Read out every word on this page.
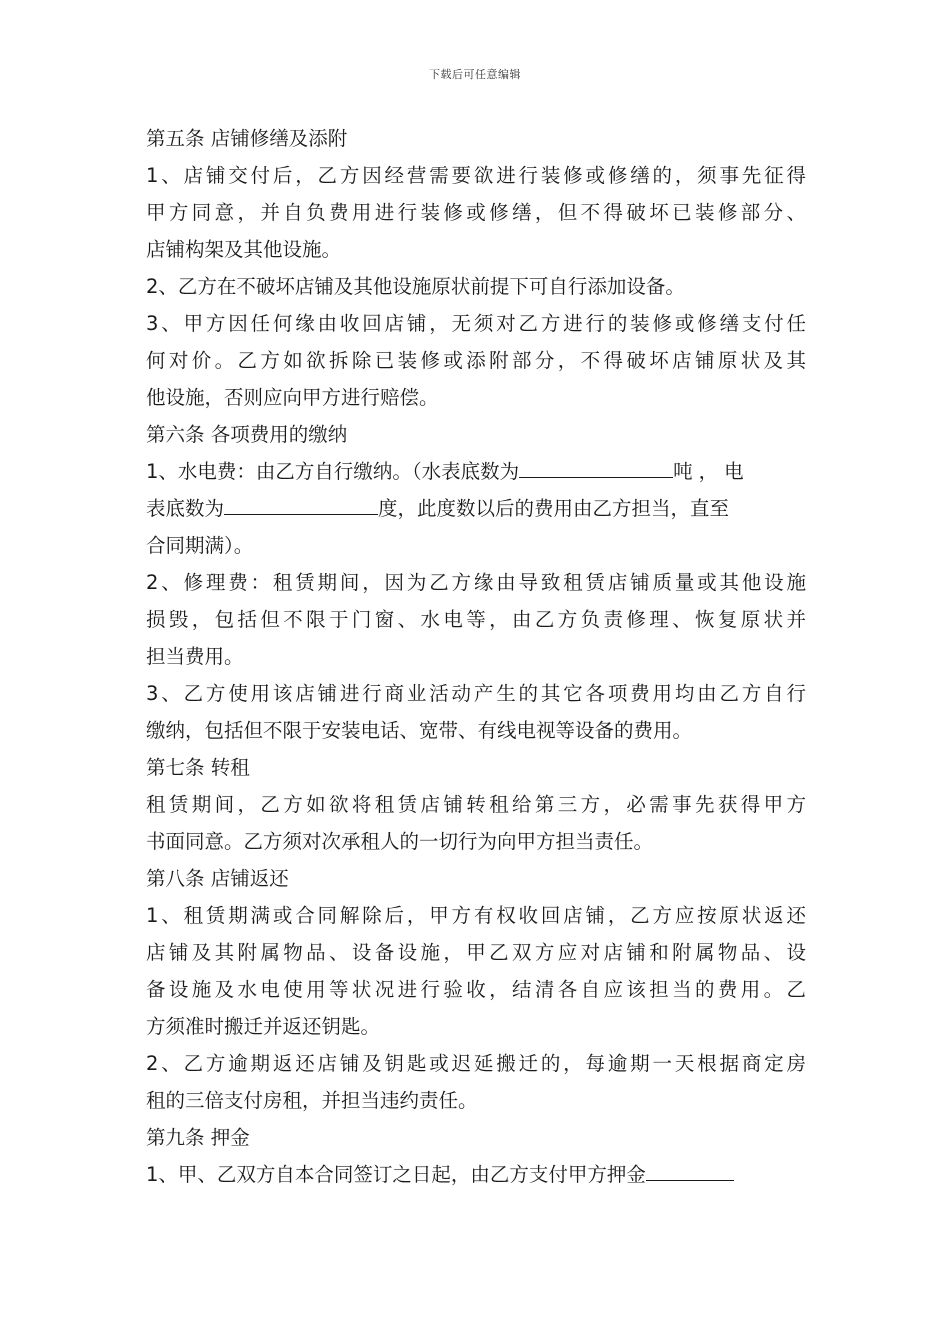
下载后可任意编辑
第五条 店铺修缮及添附
1、店铺交付后，乙方因经营需要欲进行装修或修缮的，须事先征得
甲方同意，并自负费用进行装修或修缮，但不得破坏已装修部分、
店铺构架及其他设施。
2、乙方在不破坏店铺及其他设施原状前提下可自行添加设备。
3、甲方因任何缘由收回店铺，无须对乙方进行的装修或修缮支付任
何对价。乙方如欲拆除已装修或添附部分，不得破坏店铺原状及其
他设施，否则应向甲方进行赔偿。
第六条 各项费用的缴纳
1、水电费：由乙方自行缴纳。（水表底数为	吨，电
表底数为	度，此度数以后的费用由乙方担当，直至
合同期满）。
2、修理费：租赁期间，因为乙方缘由导致租赁店铺质量或其他设施
损毁，包括但不限于门窗、水电等，由乙方负责修理、恢复原状并
担当费用。
3、乙方使用该店铺进行商业活动产生的其它各项费用均由乙方自行
缴纳，包括但不限于安装电话、宽带、有线电视等设备的费用。
第七条 转租
租赁期间，乙方如欲将租赁店铺转租给第三方，必需事先获得甲方
书面同意。乙方须对次承租人的一切行为向甲方担当责任。
第八条 店铺返还
1、租赁期满或合同解除后，甲方有权收回店铺，乙方应按原状返还
店铺及其附属物品、设备设施，甲乙双方应对店铺和附属物品、设
备设施及水电使用等状况进行验收，结清各自应该担当的费用。乙
方须准时搬迁并返还钥匙。
2、乙方逾期返还店铺及钥匙或迟延搬迁的，每逾期一天根据商定房
租的三倍支付房租，并担当违约责任。
第九条 押金
1、甲、乙双方自本合同签订之日起，由乙方支付甲方押金
